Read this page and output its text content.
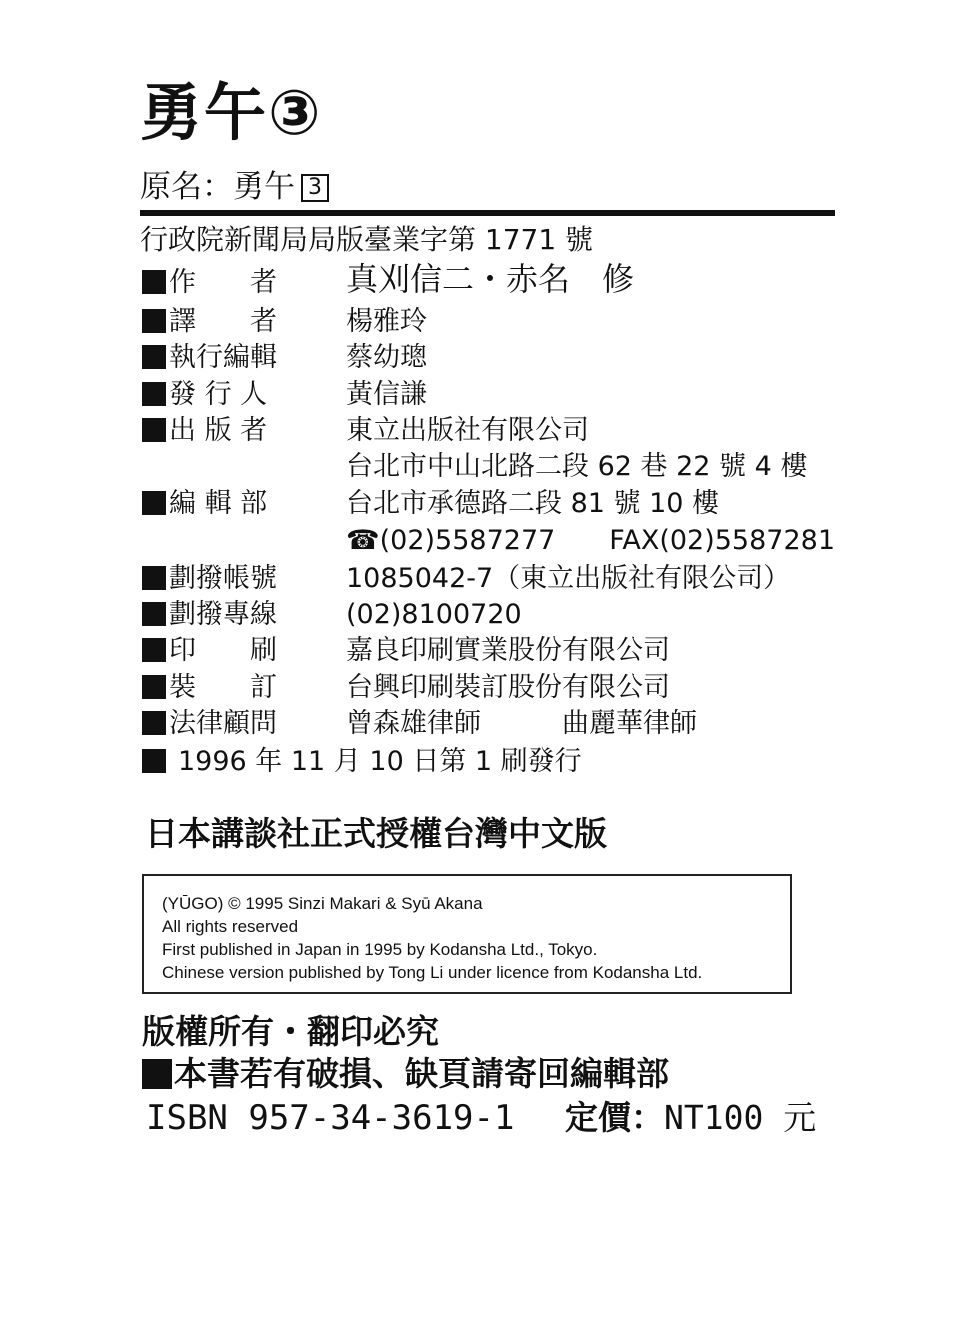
勇午③
原名：勇午 3
行政院新聞局局版臺業字第 1771 號
作　　者 真刈信二・赤名　修
譯　　者	楊雅玲
執行編輯	蔡幼璁
發 行 人	黃信謙
出 版 者	東立出版社有限公司
台北市中山北路二段 62 巷 22 號 4 樓
編 輯 部	台北市承德路二段 81 號 10 樓
☎(02)5587277　　FAX(02)5587281
劃撥帳號	1085042-7（東立出版社有限公司）
劃撥專線	(02)8100720
印　　刷	嘉良印刷實業股份有限公司
裝　　訂	台興印刷裝訂股份有限公司
法律顧問	曾森雄律師　　　曲麗華律師
1996 年 11 月 10 日第 1 刷發行
日本講談社正式授權台灣中文版
(YŪGO) © 1995 Sinzi Makari & Syū Akana
All rights reserved
First published in Japan in 1995 by Kodansha Ltd., Tokyo.
Chinese version published by Tong Li under licence from Kodansha Ltd.
版權所有・翻印必究
本書若有破損、缺頁請寄回編輯部
ISBN 957-34-3619-1 定價：NT100 元
